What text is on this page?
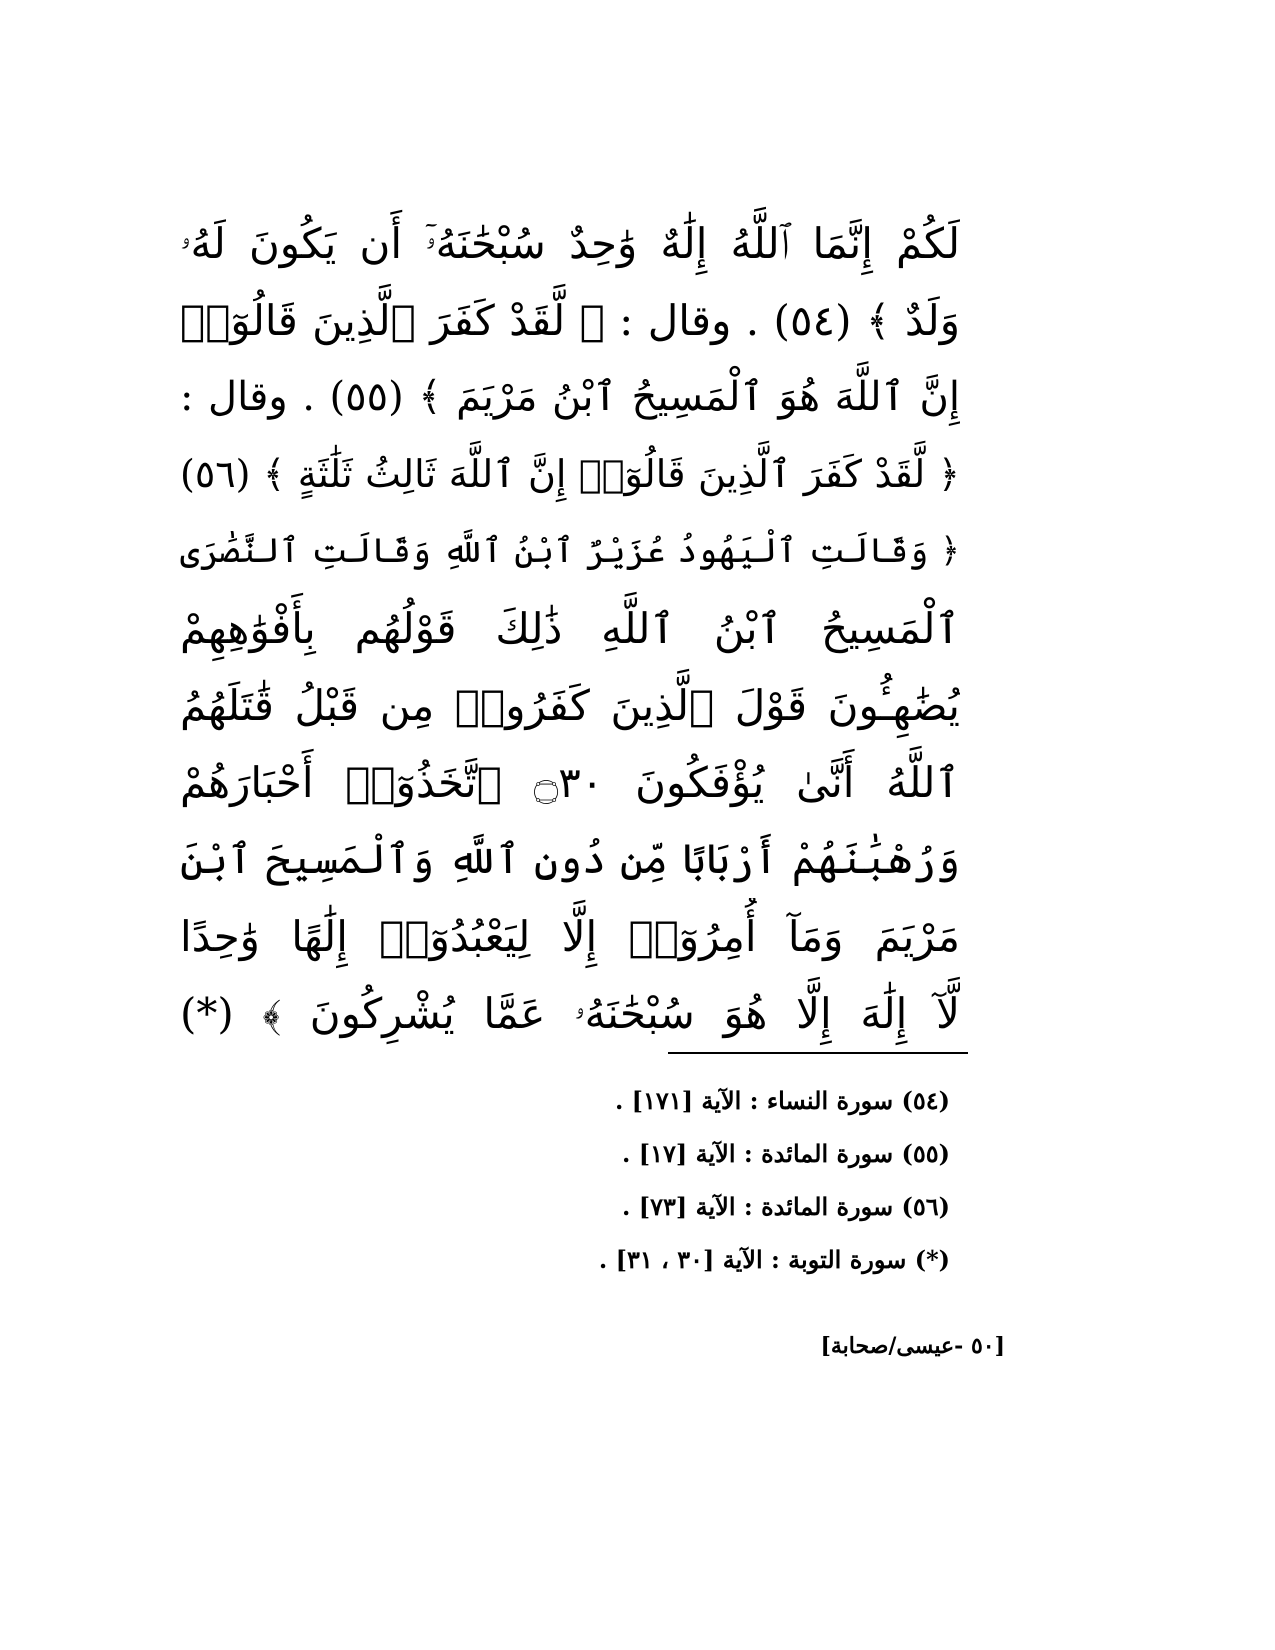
لَكُمْ إِنَّمَا ٱللَّهُ إِلَٰهٌ وَٰحِدٌ سُبْحَٰنَهُۥٓ أَن يَكُونَ لَهُۥ
وَلَدٌ ﴾ (٥٤) . وقال : ﴿ لَّقَدْ كَفَرَ ٱلَّذِينَ قَالُوٓا۟
إِنَّ ٱللَّهَ هُوَ ٱلْمَسِيحُ ٱبْنُ مَرْيَمَ ﴾ (٥٥) . وقال :
﴿ لَّقَدْ كَفَرَ ٱلَّذِينَ قَالُوٓا۟ إِنَّ ٱللَّهَ ثَالِثُ ثَلَٰثَةٍ ﴾ (٥٦)
﴿ وَقَالَتِ ٱلْيَهُودُ عُزَيْرٌ ٱبْنُ ٱللَّهِ وَقَالَتِ ٱلنَّصَٰرَى
ٱلْمَسِيحُ ٱبْنُ ٱللَّهِ ذَٰلِكَ قَوْلُهُم بِأَفْوَٰهِهِمْ
يُضَٰهِـُٔونَ قَوْلَ ٱلَّذِينَ كَفَرُوا۟ مِن قَبْلُ قَٰتَلَهُمُ
ٱللَّهُ أَنَّىٰ يُؤْفَكُونَ ۝٣٠ ٱتَّخَذُوٓا۟ أَحْبَارَهُمْ
وَرُهْبَٰنَهُمْ أَرْبَابًا مِّن دُونِ ٱللَّهِ وَٱلْمَسِيحَ ٱبْنَ
مَرْيَمَ وَمَآ أُمِرُوٓا۟ إِلَّا لِيَعْبُدُوٓا۟ إِلَٰهًا وَٰحِدًا
لَّآ إِلَٰهَ إِلَّا هُوَ سُبْحَٰنَهُۥ عَمَّا يُشْرِكُونَ ﴾ (*)
(٥٤) سورة النساء : الآية [١٧١] .
(٥٥) سورة المائدة : الآية [١٧] .
(٥٦) سورة المائدة : الآية [٧٣] .
(*) سورة التوبة : الآية [٣٠ ، ٣١] .
[٥٠ -عيسى/صحابة]
